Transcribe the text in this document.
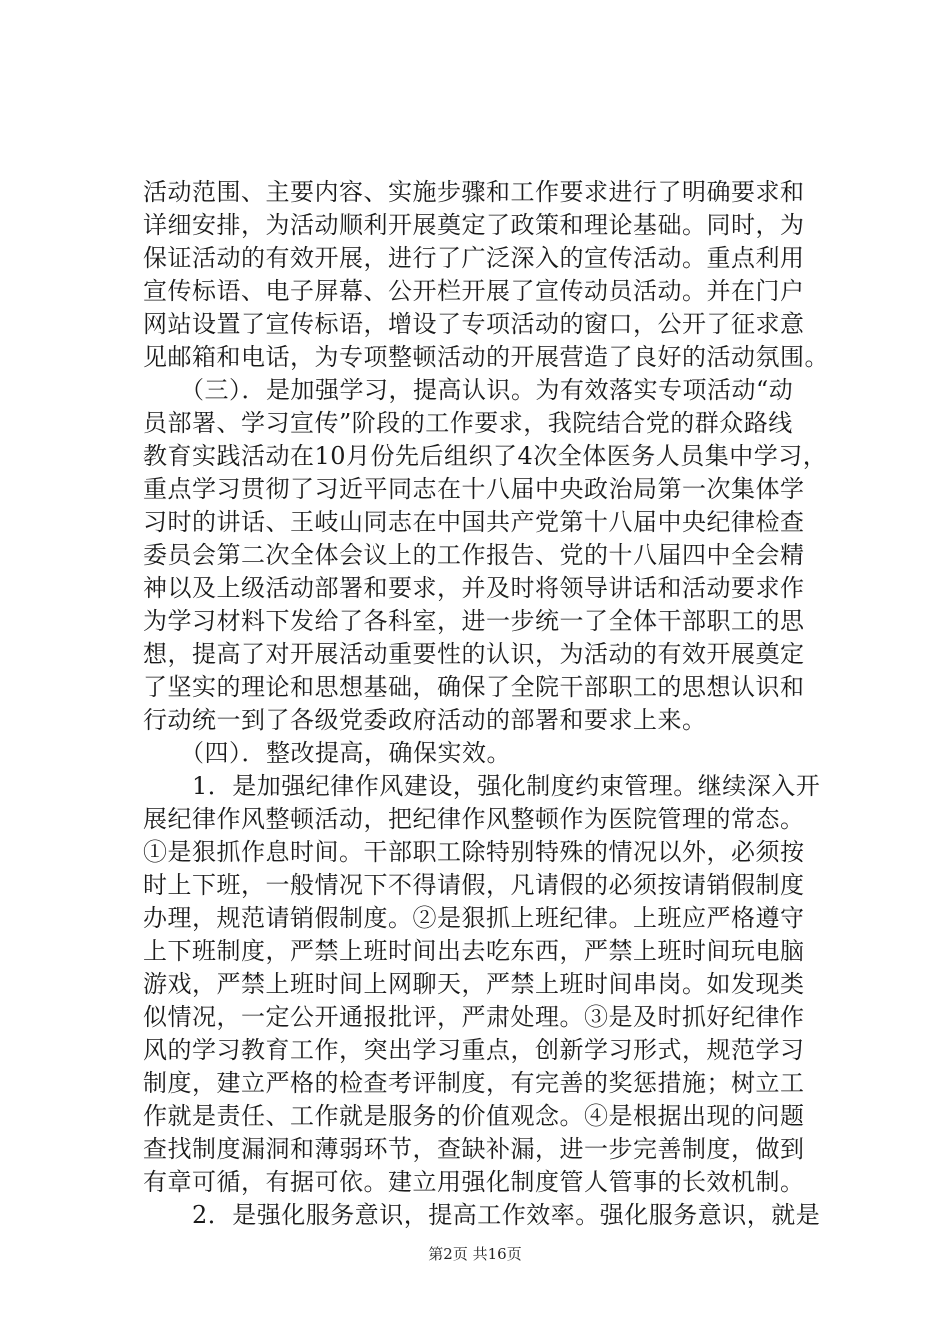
活动范围、主要内容、实施步骤和工作要求进行了明确要求和
详细安排，为活动顺利开展奠定了政策和理论基础。同时，为
保证活动的有效开展，进行了广泛深入的宣传活动。重点利用
宣传标语、电子屏幕、公开栏开展了宣传动员活动。并在门户
网站设置了宣传标语，增设了专项活动的窗口，公开了征求意
见邮箱和电话，为专项整顿活动的开展营造了良好的活动氛围。
　　（三）．是加强学习，提高认识。为有效落实专项活动“动
员部署、学习宣传”阶段的工作要求，我院结合党的群众路线
教育实践活动在10月份先后组织了4次全体医务人员集中学习，
重点学习贯彻了习近平同志在十八届中央政治局第一次集体学
习时的讲话、王岐山同志在中国共产党第十八届中央纪律检查
委员会第二次全体会议上的工作报告、党的十八届四中全会精
神以及上级活动部署和要求，并及时将领导讲话和活动要求作
为学习材料下发给了各科室，进一步统一了全体干部职工的思
想，提高了对开展活动重要性的认识，为活动的有效开展奠定
了坚实的理论和思想基础，确保了全院干部职工的思想认识和
行动统一到了各级党委政府活动的部署和要求上来。
　　（四）．整改提高，确保实效。
　　1．是加强纪律作风建设，强化制度约束管理。继续深入开
展纪律作风整顿活动，把纪律作风整顿作为医院管理的常态。
①是狠抓作息时间。干部职工除特别特殊的情况以外，必须按
时上下班，一般情况下不得请假，凡请假的必须按请销假制度
办理，规范请销假制度。②是狠抓上班纪律。上班应严格遵守
上下班制度，严禁上班时间出去吃东西，严禁上班时间玩电脑
游戏，严禁上班时间上网聊天，严禁上班时间串岗。如发现类
似情况，一定公开通报批评，严肃处理。③是及时抓好纪律作
风的学习教育工作，突出学习重点，创新学习形式，规范学习
制度，建立严格的检查考评制度，有完善的奖惩措施；树立工
作就是责任、工作就是服务的价值观念。④是根据出现的问题
查找制度漏洞和薄弱环节，查缺补漏，进一步完善制度，做到
有章可循，有据可依。建立用强化制度管人管事的长效机制。
　　2．是强化服务意识，提高工作效率。强化服务意识，就是
第2页 共16页
